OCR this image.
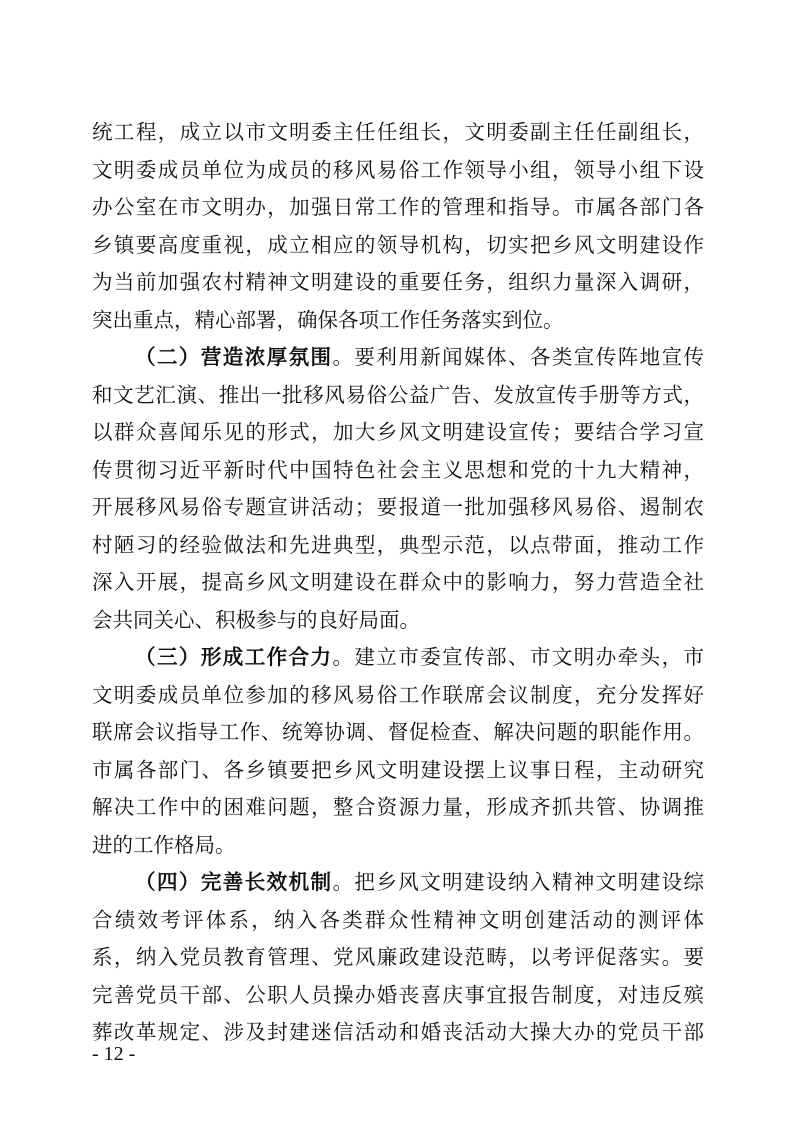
统工程，成立以市文明委主任任组长，文明委副主任任副组长，
文明委成员单位为成员的移风易俗工作领导小组，领导小组下设
办公室在市文明办，加强日常工作的管理和指导。市属各部门各
乡镇要高度重视，成立相应的领导机构，切实把乡风文明建设作
为当前加强农村精神文明建设的重要任务，组织力量深入调研，
突出重点，精心部署，确保各项工作任务落实到位。
（二）营造浓厚氛围。要利用新闻媒体、各类宣传阵地宣传
和文艺汇演、推出一批移风易俗公益广告、发放宣传手册等方式，
以群众喜闻乐见的形式，加大乡风文明建设宣传；要结合学习宣
传贯彻习近平新时代中国特色社会主义思想和党的十九大精神，
开展移风易俗专题宣讲活动；要报道一批加强移风易俗、遏制农
村陋习的经验做法和先进典型，典型示范，以点带面，推动工作
深入开展，提高乡风文明建设在群众中的影响力，努力营造全社
会共同关心、积极参与的良好局面。
（三）形成工作合力。建立市委宣传部、市文明办牵头，市
文明委成员单位参加的移风易俗工作联席会议制度，充分发挥好
联席会议指导工作、统筹协调、督促检查、解决问题的职能作用。
市属各部门、各乡镇要把乡风文明建设摆上议事日程，主动研究
解决工作中的困难问题，整合资源力量，形成齐抓共管、协调推
进的工作格局。
（四）完善长效机制。把乡风文明建设纳入精神文明建设综
合绩效考评体系，纳入各类群众性精神文明创建活动的测评体
系，纳入党员教育管理、党风廉政建设范畴，以考评促落实。要
完善党员干部、公职人员操办婚丧喜庆事宜报告制度，对违反殡
葬改革规定、涉及封建迷信活动和婚丧活动大操大办的党员干部
- 12 -
